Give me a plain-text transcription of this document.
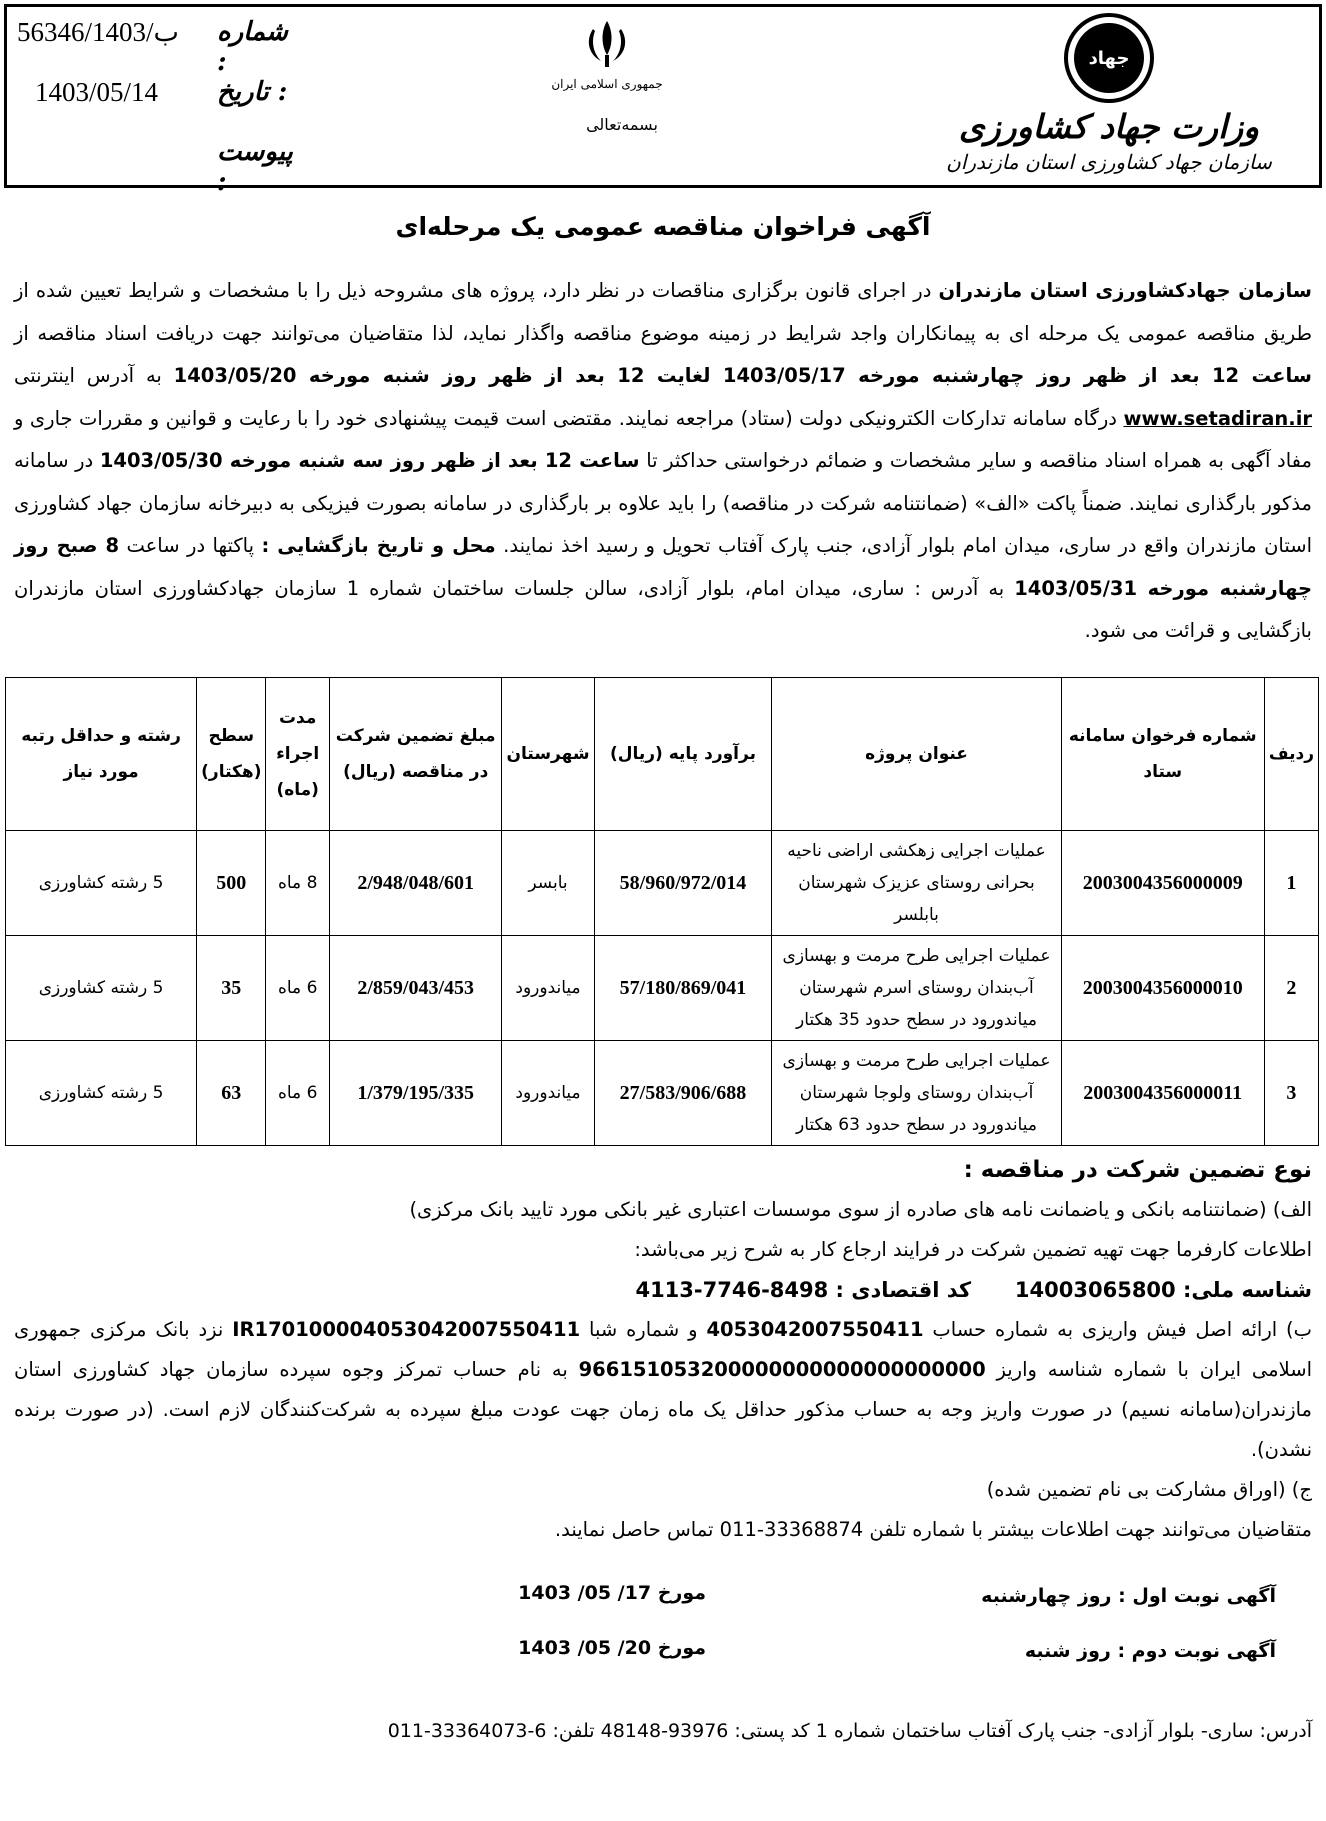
56346/ب/1403 شماره :
1403/05/14 تاریخ :
پیوست :
جمهوری اسلامی ایران
بسمه‌تعالی
جهاد
وزارت جهاد کشاورزی
سازمان جهاد کشاورزی استان مازندران
آگهی فراخوان مناقصه عمومی یک مرحله‌ای
سازمان جهادکشاورزی استان مازندران در اجرای قانون برگزاری مناقصات در نظر دارد، پروژه های مشروحه ذیل را با مشخصات و شرایط تعیین شده از طریق مناقصه عمومی یک مرحله ای به پیمانکاران واجد شرایط در زمینه موضوع مناقصه واگذار نماید، لذا متقاضیان می‌توانند جهت دریافت اسناد مناقصه از ساعت 12 بعد از ظهر روز چهارشنبه مورخه 1403/05/17 لغایت 12 بعد از ظهر روز شنبه مورخه 1403/05/20 به آدرس اینترنتی www.setadiran.ir درگاه سامانه تدارکات الکترونیکی دولت (ستاد) مراجعه نمایند. مقتضی است قیمت پیشنهادی خود را با رعایت و قوانین و مقررات جاری و مفاد آگهی به همراه اسناد مناقصه و سایر مشخصات و ضمائم درخواستی حداکثر تا ساعت 12 بعد از ظهر روز سه شنبه مورخه 1403/05/30 در سامانه مذکور بارگذاری نمایند. ضمناً پاکت «الف» (ضمانتنامه شرکت در مناقصه) را باید علاوه بر بارگذاری در سامانه بصورت فیزیکی به دبیرخانه سازمان جهاد کشاورزی استان مازندران واقع در ساری، میدان امام بلوار آزادی، جنب پارک آفتاب تحویل و رسید اخذ نمایند. محل و تاریخ بازگشایی : پاکتها در ساعت 8 صبح روز چهارشنبه مورخه 1403/05/31 به آدرس : ساری، میدان امام، بلوار آزادی، سالن جلسات ساختمان شماره 1 سازمان جهادکشاورزی استان مازندران بازگشایی و قرائت می شود.
ردیف	شماره فرخوان سامانه ستاد	عنوان پروژه	برآورد پایه (ریال)	شهرستان	مبلغ تضمین شرکت در مناقصه (ریال)	مدت اجراء (ماه)	سطح (هکتار)	رشته و حداقل رتبه مورد نیاز
1	2003004356000009	عملیات اجرایی زهکشی اراضی ناحیه بحرانی روستای عزیزک شهرستان بابلسر	58/960/972/014	بابسر	2/948/048/601	8 ماه	500	5 رشته کشاورزی
2	2003004356000010	عملیات اجرایی طرح مرمت و بهسازی آب‌بندان روستای اسرم شهرستان میاندورود در سطح حدود 35 هکتار	57/180/869/041	میاندورود	2/859/043/453	6 ماه	35	5 رشته کشاورزی
3	2003004356000011	عملیات اجرایی طرح مرمت و بهسازی آب‌بندان روستای ولوجا شهرستان میاندورود در سطح حدود 63 هکتار	27/583/906/688	میاندورود	1/379/195/335	6 ماه	63	5 رشته کشاورزی

نوع تضمین شرکت در مناقصه :

الف) (ضمانتنامه بانکی و یاضمانت نامه های صادره از سوی موسسات اعتباری غیر بانکی مورد تایید بانک مرکزی)

اطلاعات کارفرما جهت تهیه تضمین شرکت در فرایند ارجاع کار به شرح زیر می‌باشد:

شناسه ملی: 14003065800      کد اقتصادی : 8498-7746-4113

ب) ارائه اصل فیش واریزی به شماره حساب 4053042007550411 و شماره شبا IR170100004053042007550411 نزد بانک مرکزی جمهوری اسلامی ایران با شماره شناسه واریز 966151053200000000000000000000 به نام حساب تمرکز وجوه سپرده سازمان جهاد کشاورزی استان مازندران(سامانه نسیم) در صورت واریز وجه به حساب مذکور حداقل یک ماه زمان جهت عودت مبلغ سپرده به شرکت‌کنندگان لازم است. (در صورت برنده نشدن).

ج) (اوراق مشارکت بی نام تضمین شده)

متقاضیان می‌توانند جهت اطلاعات بیشتر با شماره تلفن 33368874-011 تماس حاصل نمایند.

آگهی نوبت اول : روز چهارشنبه
مورخ 17/ 05/ 1403
آگهی نوبت دوم : روز شنبه
مورخ 20/ 05/ 1403
آدرس: ساری- بلوار آزادی- جنب پارک آفتاب ساختمان شماره 1 کد پستی: 93976-48148 تلفن: 6-33364073-011
